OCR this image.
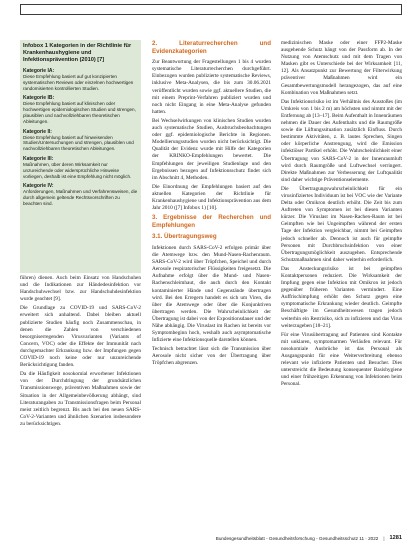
Infobox 1 Kategorien in der Richtlinie für Krankenhaushygiene und Infektionsprävention (2010) [7]
Kategorie IA:
Diese Empfehlung basiert auf gut konzipierten systematischen Reviews oder einzelnen hochwertigen randomisierten kontrollierten Studien.
Kategorie IB:
Diese Empfehlung basiert auf klinischen oder hochwertigen epidemiologischen Studien und strengen, plausiblen und nachvollziehbaren theoretischen Ableitungen.
Kategorie II:
Diese Empfehlung basiert auf hinweisenden Studien/Untersuchungen und strengen, plausiblen und nachvollziehbaren theoretischen Ableitungen.
Kategorie III:
Maßnahmen, über deren Wirksamkeit nur unzureichende oder widersprüchliche Hinweise vorliegen, deshalb ist eine Empfehlung nicht möglich.
Kategorie IV:
Anforderungen, Maßnahmen und Verfahrensweisen, die durch allgemein geltende Rechtsvorschriften zu beachten sind.

führen) dienen. Auch beim Einsatz von Handschuhen und die Indikationen zur Händedesinfektion vor Handschuhwechsel bzw. zur Handschuhdesinfektion wurde geachtet [9].

Die Grundlage zu COVID-19 und SARS-CoV-2 erweitert sich anhaltend. Dabei bleiben aktuell publizierte Studien häufig noch Zusammenschau, in denen die Zahlen von verschiedenen besorgniserregenden Virusvarianten (Variants of Concern, VOC) oder die Effekte der Immunität nach durchgemachter Erkrankung bzw. der Impfungen gegen COVID-19 noch keine oder nur unzureichende Berücksichtigung fanden.

Da die Häufigkeit nosokomial erworbener Infektionen von der Durchdringung der grundsätzlichen Transmissionswege, präventiven Maßnahmen sowie der Situation in der Allgemeinbevölkerung abhängt, sind Literaturangaben zu Transmissionsfragen beim Personal meist zeitlich begrenzt. Bis auch bei den neuen SARS-CoV-2-Varianten und ähnlichen Szenarien insbesondere zu berücksichtigen.

2. Literaturrecherchen und Evidenzkategorien

Zur Beantwortung der Fragestellungen 1 bis 4 wurden systematische Literaturrecherchen durchgeführt. Einbezogen wurden publizierte systematische Reviews, inklusive Meta-Analysen, die bis zum 30.06.2021 veröffentlicht wurden sowie ggf. aktuellere Studien, die mit einem Preprint-Verfahren publiziert wurden und noch nicht Eingang in eine Meta-Analyse gefunden hatten.

Bei Wechselwirkungen von klinischen Studien wurden auch systematische Studien, Ausbruchsbeobachtungen oder ggf. epidemiologische Berichte in Regionen. Modellierungsstudien wurden nicht berücksichtigt. Die Qualität der Evidenz wurde mit Hilfe der Kategorien der KRINKO-Empfehlungen bewertet. Die Empfehlungen der jeweiligen Studienlage und den Ergebnissen bezogen auf Infektionsschutz findet sich im Abschnitt 4, Methoden.

Die Einordnung der Empfehlungen basiert auf den aktuellen Kategorien der Richtlinie für Krankenhaushygiene und Infektionsprävention aus dem Jahr 2010 ([7] Infobox 1) [10].

3. Ergebnisse der Recherchen und Empfehlungen
3.1. Übertragungsweg

Infektionen durch SARS-CoV-2 erfolgen primär über die Atemwege bzw. den Mund-Nasen-Rachenraum. SARS-CoV-2 wird über Tröpfchen, Speichel und durch Aerosole respiratorischer Flüssigkeiten freigesetzt. Die Aufnahme erfolgt über die Mund- und Nasen-Rachenschleimhaut, die auch durch den Kontakt kontaminierter Hände und Gegenstände übertragen wird. Bei den Erregern handelt es sich um Viren, die über die Atemwege oder über die Konjunktiven übertragen werden. Die Wahrscheinlichkeit der Übertragung ist dabei von der Expositionsdauer und der Nähe abhängig. Die Viruslast im Rachen ist bereits vor Symptombeginn hoch, weshalb auch asymptomatische Infizierte eine Infektionsquelle darstellen können.

Technisch betrachtet lässt sich die Transmission über Aerosole nicht sicher von der Übertragung über Tröpfchen abgrenzen.

medizinischen Maske oder einer FFP2-Maske ausgehende Schutz hängt von der Passform ab. In der Nutzung von Atemschutz und mit dem Tragen von Masken gibt es Unterschiede bei der Wirksamkeit [11, 12]. Als Ansatzpunkt zur Bewertung der Filterwirkung präventiver Maßnahmen wird ein Gesamtbewertungsmodell herangezogen, das auf eine Kombination von Maßnahmen setzt.

Das Infektionsrisiko ist im Verhältnis des Ausstoßes (im Umkreis von 1 bis 2 m) am höchsten und nimmt mit der Entfernung ab [13–17]. Beim Aufenthalt in Innenräumen nehmen die Dauer des Aufenthalts und die Raumgröße sowie die Lüftungssituation zusätzlich Einfluss. Durch bestimmte Aktivitäten, z. B. lautes Sprechen, Singen oder körperliche Anstrengung, wird die Emission infektiöser Partikel erhöht. Die Wahrscheinlichkeit einer Übertragung von SARS-CoV-2 in der Innenraumluft wird durch Raumgröße und Luftwechsel verringert. Direkte Maßnahmen zur Verbesserung der Luftqualität sind daher wichtige Präventionselemente.

Die Übertragungswahrscheinlichkeit für ein virusinfiziertes Individuum ist bei VOC wie der Variante Delta oder Omikron deutlich erhöht. Die Zeit bis zum Auftreten von Symptomen ist bei diesen Varianten kürzer. Die Viruslast im Nasen-Rachen-Raum ist bei Geimpften wie bei Ungeimpften während der ersten Tage der Infektion vergleichbar, nimmt bei Geimpften jedoch schneller ab. Dennoch ist auch für geimpfte Personen mit Durchbruchsinfektion von einer Übertragungsmöglichkeit auszugehen. Entsprechende Schutzmaßnahmen sind daher weiterhin erforderlich.

Das Ansteckungsrisiko ist bei geimpften Kontaktpersonen reduziert. Die Wirksamkeit der Impfung gegen eine Infektion mit Omikron ist jedoch gegenüber früheren Varianten vermindert. Eine Auffrischimpfung erhöht den Schutz gegen eine symptomatische Erkrankung wieder deutlich. Geimpfte Beschäftigte im Gesundheitswesen tragen jedoch weiterhin ein Restrisiko, sich zu infizieren und das Virus weiterzugeben [18–21].

Für eine Virusübertragung auf Patienten sind Kontakte mit unklaren, symptomarmen Verläufen relevant. Für nosokomiale Ausbrüche ist das Personal als Ausgangspunkt für eine Weiterverbreitung ebenso relevant wie infizierte Patienten und Besucher. Dies unterstreicht die Bedeutung konsequenter Basishygiene und einer frühzeitigen Erkennung von Infektionen beim Personal.

Bundesgesundheitsblatt - Gesundheitsforschung - Gesundheitsschutz 11 · 2022 | 1281
